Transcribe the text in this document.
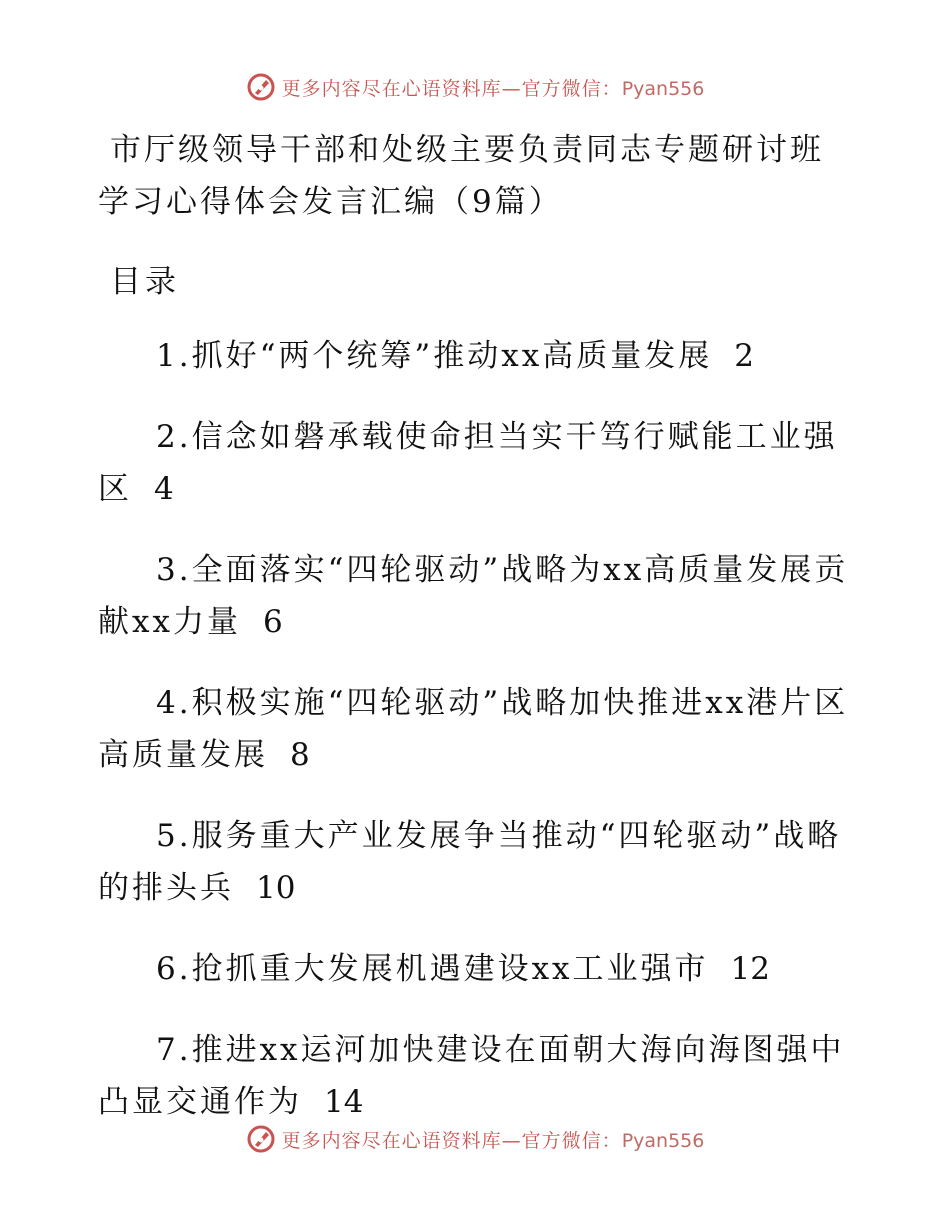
更多内容尽在心语资料库—官方微信：Pyan556
市厅级领导干部和处级主要负责同志专题研讨班
学习心得体会发言汇编（9篇）
目录
1.抓好“两个统筹”推动xx高质量发展 2
2.信念如磐承载使命担当实干笃行赋能工业强区 4
3.全面落实“四轮驱动”战略为xx高质量发展贡献xx力量 6
4.积极实施“四轮驱动”战略加快推进xx港片区高质量发展 8
5.服务重大产业发展争当推动“四轮驱动”战略的排头兵 10
6.抢抓重大发展机遇建设xx工业强市 12
7.推进xx运河加快建设在面朝大海向海图强中凸显交通作为 14
更多内容尽在心语资料库—官方微信：Pyan556
